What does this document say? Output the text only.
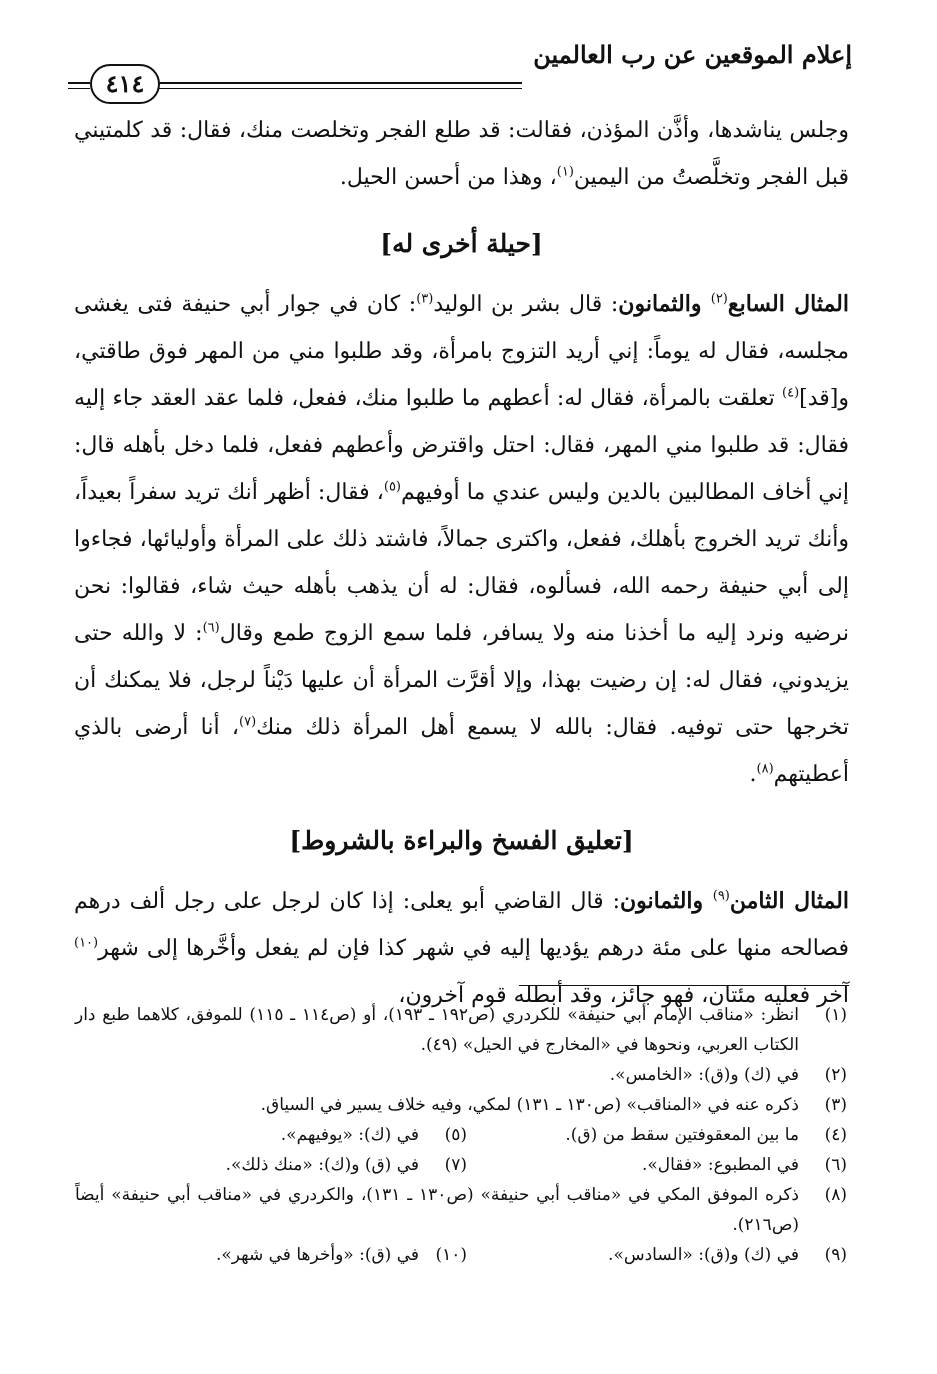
إعلام الموقعين عن رب العالمين
٤١٤

وجلس يناشدها، وأذَّن المؤذن، فقالت: قد طلع الفجر وتخلصت منك، فقال: قد كلمتيني قبل الفجر وتخلَّصتُ من اليمين$^{(١)}$، وهذا من أحسن الحيل.

[حيلة أخرى له]

المثال السابع$^{(٢)}$ والثمانون: قال بشر بن الوليد$^{(٣)}$: كان في جوار أبي حنيفة فتى يغشى مجلسه، فقال له يوماً: إني أريد التزوج بامرأة، وقد طلبوا مني من المهر فوق طاقتي، و[قد]$^{(٤)}$ تعلقت بالمرأة، فقال له: أعطهم ما طلبوا منك، ففعل، فلما عقد العقد جاء إليه فقال: قد طلبوا مني المهر، فقال: احتل واقترض وأعطهم ففعل، فلما دخل بأهله قال: إني أخاف المطالبين بالدين وليس عندي ما أوفيهم$^{(٥)}$، فقال: أظهر أنك تريد سفراً بعيداً، وأنك تريد الخروج بأهلك، ففعل، واكترى جمالاً، فاشتد ذلك على المرأة وأوليائها، فجاءوا إلى أبي حنيفة رحمه الله، فسألوه، فقال: له أن يذهب بأهله حيث شاء، فقالوا: نحن نرضيه ونرد إليه ما أخذنا منه ولا يسافر، فلما سمع الزوج طمع وقال$^{(٦)}$: لا والله حتى يزيدوني، فقال له: إن رضيت بهذا، وإلا أقرَّت المرأة أن عليها دَيْناً لرجل، فلا يمكنك أن تخرجها حتى توفيه. فقال: بالله لا يسمع أهل المرأة ذلك منك$^{(٧)}$، أنا أرضى بالذي أعطيتهم$^{(٨)}$.

[تعليق الفسخ والبراءة بالشروط]

المثال الثامن$^{(٩)}$ والثمانون: قال القاضي أبو يعلى: إذا كان لرجل على رجل ألف درهم فصالحه منها على مئة درهم يؤديها إليه في شهر كذا فإن لم يفعل وأخَّرها إلى شهر$^{(١٠)}$ آخر فعليه مئتان، فهو جائز، وقد أبطله قوم آخرون،

(١)
انظر: «مناقب الإمام أبي حنيفة» للكردري (ص١٩٢ ـ ١٩٣)، أو (ص١١٤ ـ ١١٥) للموفق، كلاهما طبع دار الكتاب العربي، ونحوها في «المخارج في الحيل» (٤٩).
(٢)
في (ك) و(ق): «الخامس».
(٣)
ذكره عنه في «المناقب» (ص١٣٠ ـ ١٣١) لمكي، وفيه خلاف يسير في السياق.
(٤)
ما بين المعقوفتين سقط من (ق).
(٥)
في (ك): «يوفيهم».
(٦)
في المطبوع: «فقال».
(٧)
في (ق) و(ك): «منك ذلك».
(٨)
ذكره الموفق المكي في «مناقب أبي حنيفة» (ص١٣٠ ـ ١٣١)، والكردري في «مناقب أبي حنيفة» أيضاً (ص٢١٦).
(٩)
في (ك) و(ق): «السادس».
(١٠)
في (ق): «وأخرها في شهر».
